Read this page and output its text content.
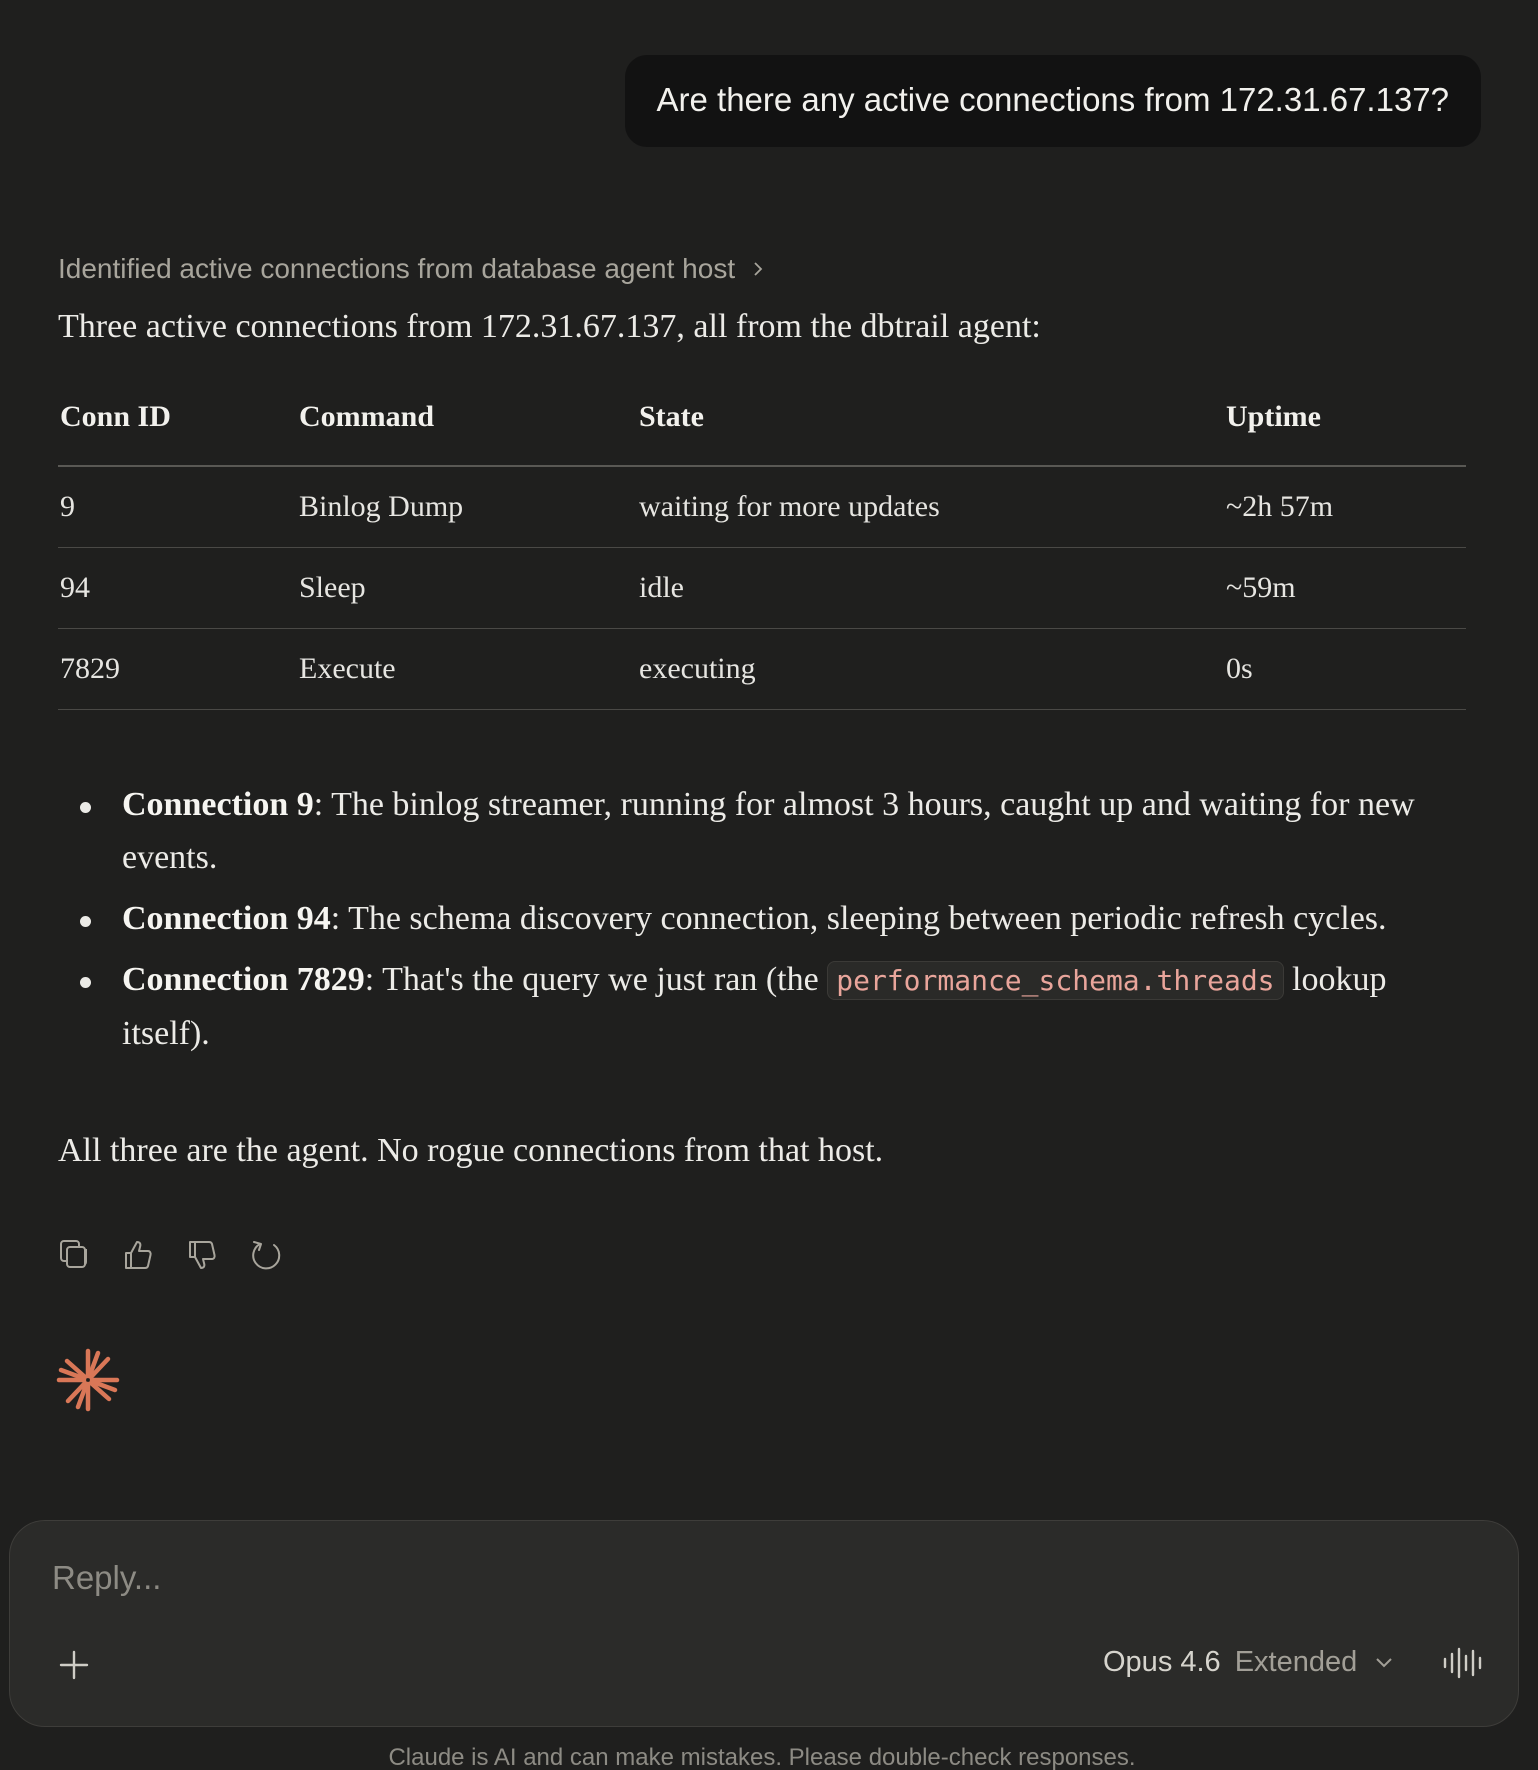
Are there any active connections from 172.31.67.137?
Identified active connections from database agent host
Three active connections from 172.31.67.137, all from the dbtrail agent:
Conn ID	Command	State	Uptime
9	Binlog Dump	waiting for more updates	~2h 57m
94	Sleep	idle	~59m
7829	Execute	executing	0s
Connection 9: The binlog streamer, running for almost 3 hours, caught up and waiting for new events.
Connection 94: The schema discovery connection, sleeping between periodic refresh cycles.
Connection 7829: That's the query we just ran (the performance_schema.threads lookup itself).
All three are the agent. No rogue connections from that host.
Reply...
Opus 4.6 Extended
Claude is AI and can make mistakes. Please double-check responses.
